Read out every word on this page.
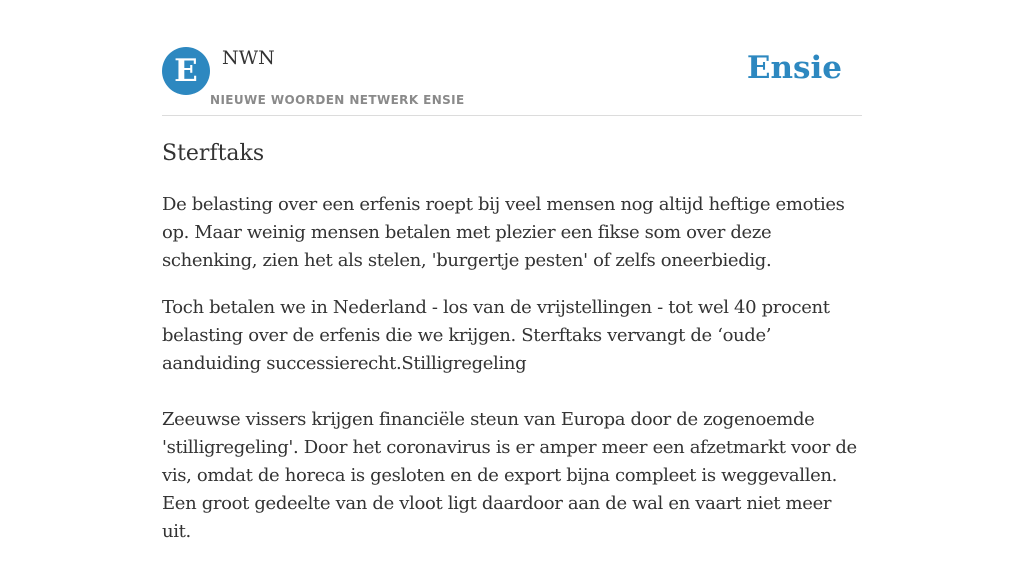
E	NWN
NIEUWE WOORDEN NETWERK ENSIE
Ensie
Sterftaks

De belasting over een erfenis roept bij veel mensen nog altijd heftige emoties op. Maar weinig mensen betalen met plezier een fikse som over deze schenking, zien het als stelen, 'burgertje pesten' of zelfs oneerbiedig.

Toch betalen we in Nederland - los van de vrijstellingen - tot wel 40 procent belasting over de erfenis die we krijgen. Sterftaks vervangt de ‘oude’ aanduiding successierecht.Stilligregeling

Zeeuwse vissers krijgen financiële steun van Europa door de zogenoemde 'stilligregeling'. Door het coronavirus is er amper meer een afzetmarkt voor de vis, omdat de horeca is gesloten en de export bijna compleet is weggevallen. Een groot gedeelte van de vloot ligt daardoor aan de wal en vaart niet meer uit.
